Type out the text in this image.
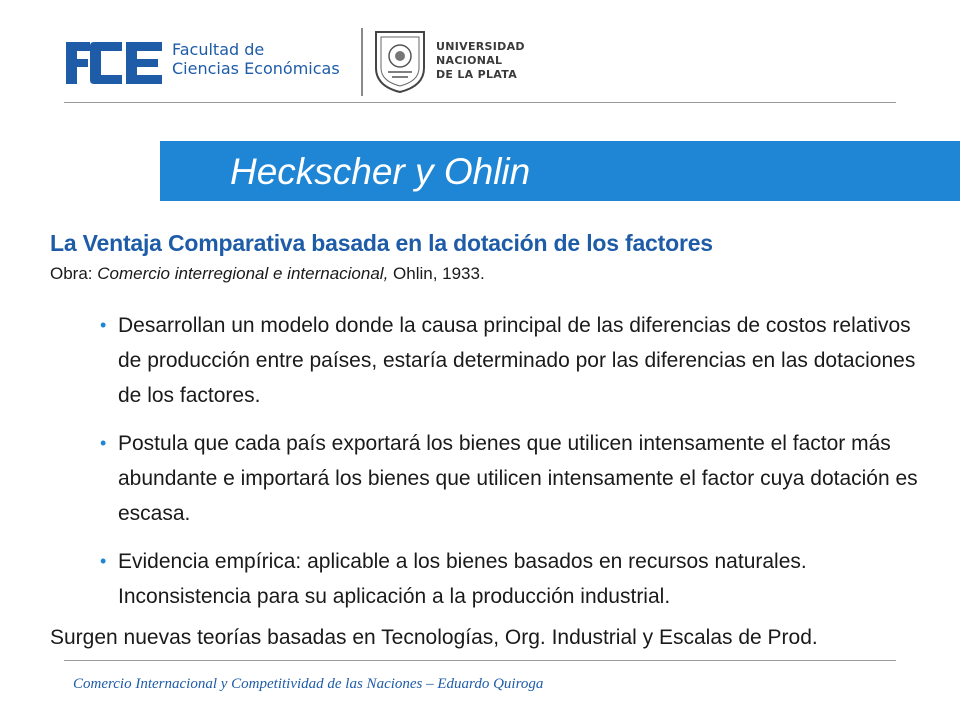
Facultad de
Ciencias Económicas
UNIVERSIDAD
NACIONAL
DE LA PLATA
Heckscher y Ohlin
La Ventaja Comparativa basada en la dotación de los factores
Obra: Comercio interregional e internacional, Ohlin, 1933.
• Desarrollan un modelo donde la causa principal de las diferencias de costos relativos de producción entre países, estaría determinado por las diferencias en las dotaciones de los factores.
• Postula que cada país exportará los bienes que utilicen intensamente el factor más abundante e importará los bienes que utilicen intensamente el factor cuya dotación es escasa.
• Evidencia empírica: aplicable a los bienes basados en recursos naturales. Inconsistencia para su aplicación a la producción industrial.
Surgen nuevas teorías basadas en Tecnologías, Org. Industrial y Escalas de Prod.
Comercio Internacional y Competitividad de las Naciones – Eduardo Quiroga
